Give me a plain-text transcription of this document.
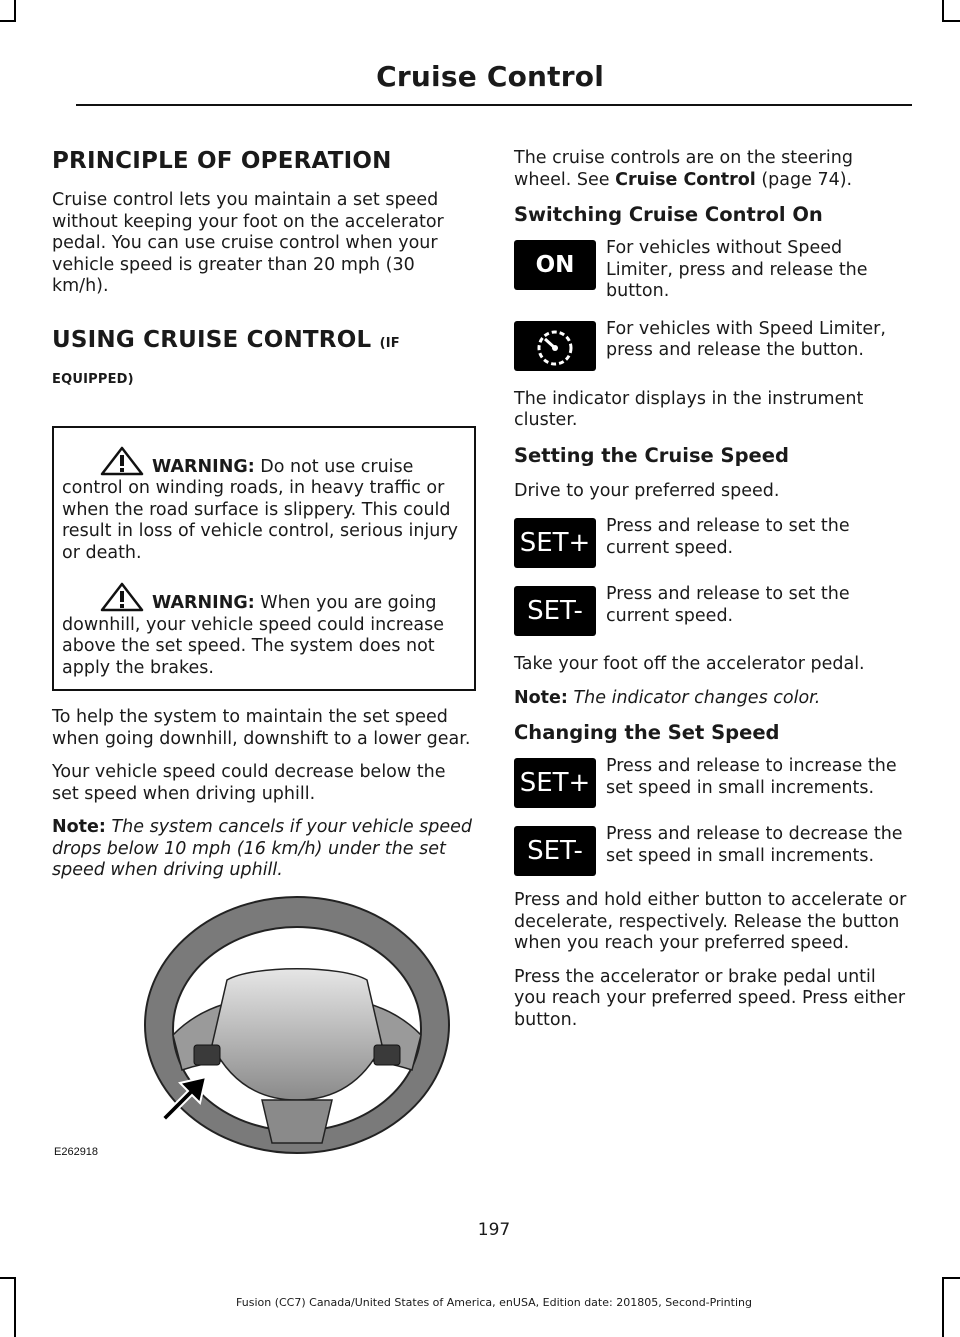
Cruise Control
PRINCIPLE OF OPERATION

Cruise control lets you maintain a set speed without keeping your foot on the accelerator pedal. You can use cruise control when your vehicle speed is greater than 20 mph (30 km/h).

USING CRUISE CONTROL (IF
EQUIPPED)
WARNING: Do not use cruise control on winding roads, in heavy traffic or when the road surface is slippery. This could result in loss of vehicle control, serious injury or death.
WARNING: When you are going downhill, your vehicle speed could increase above the set speed. The system does not apply the brakes.

To help the system to maintain the set speed when going downhill, downshift to a lower gear.

Your vehicle speed could decrease below the set speed when driving uphill.

Note: The system cancels if your vehicle speed drops below 10 mph (16 km/h) under the set speed when driving uphill.

E262918

The cruise controls are on the steering wheel. See Cruise Control (page 74).

Switching Cruise Control On
ON

For vehicles without Speed Limiter, press and release the button.

For vehicles with Speed Limiter, press and release the button.

The indicator displays in the instrument cluster.

Setting the Cruise Speed

Drive to your preferred speed.

SET+

Press and release to set the current speed.

SET-

Press and release to set the current speed.

Take your foot off the accelerator pedal.

Note: The indicator changes color.

Changing the Set Speed
SET+

Press and release to increase the set speed in small increments.

SET-

Press and release to decrease the set speed in small increments.

Press and hold either button to accelerate or decelerate, respectively. Release the button when you reach your preferred speed.

Press the accelerator or brake pedal until you reach your preferred speed. Press either button.

197
Fusion (CC7) Canada/United States of America, enUSA, Edition date: 201805, Second-Printing
